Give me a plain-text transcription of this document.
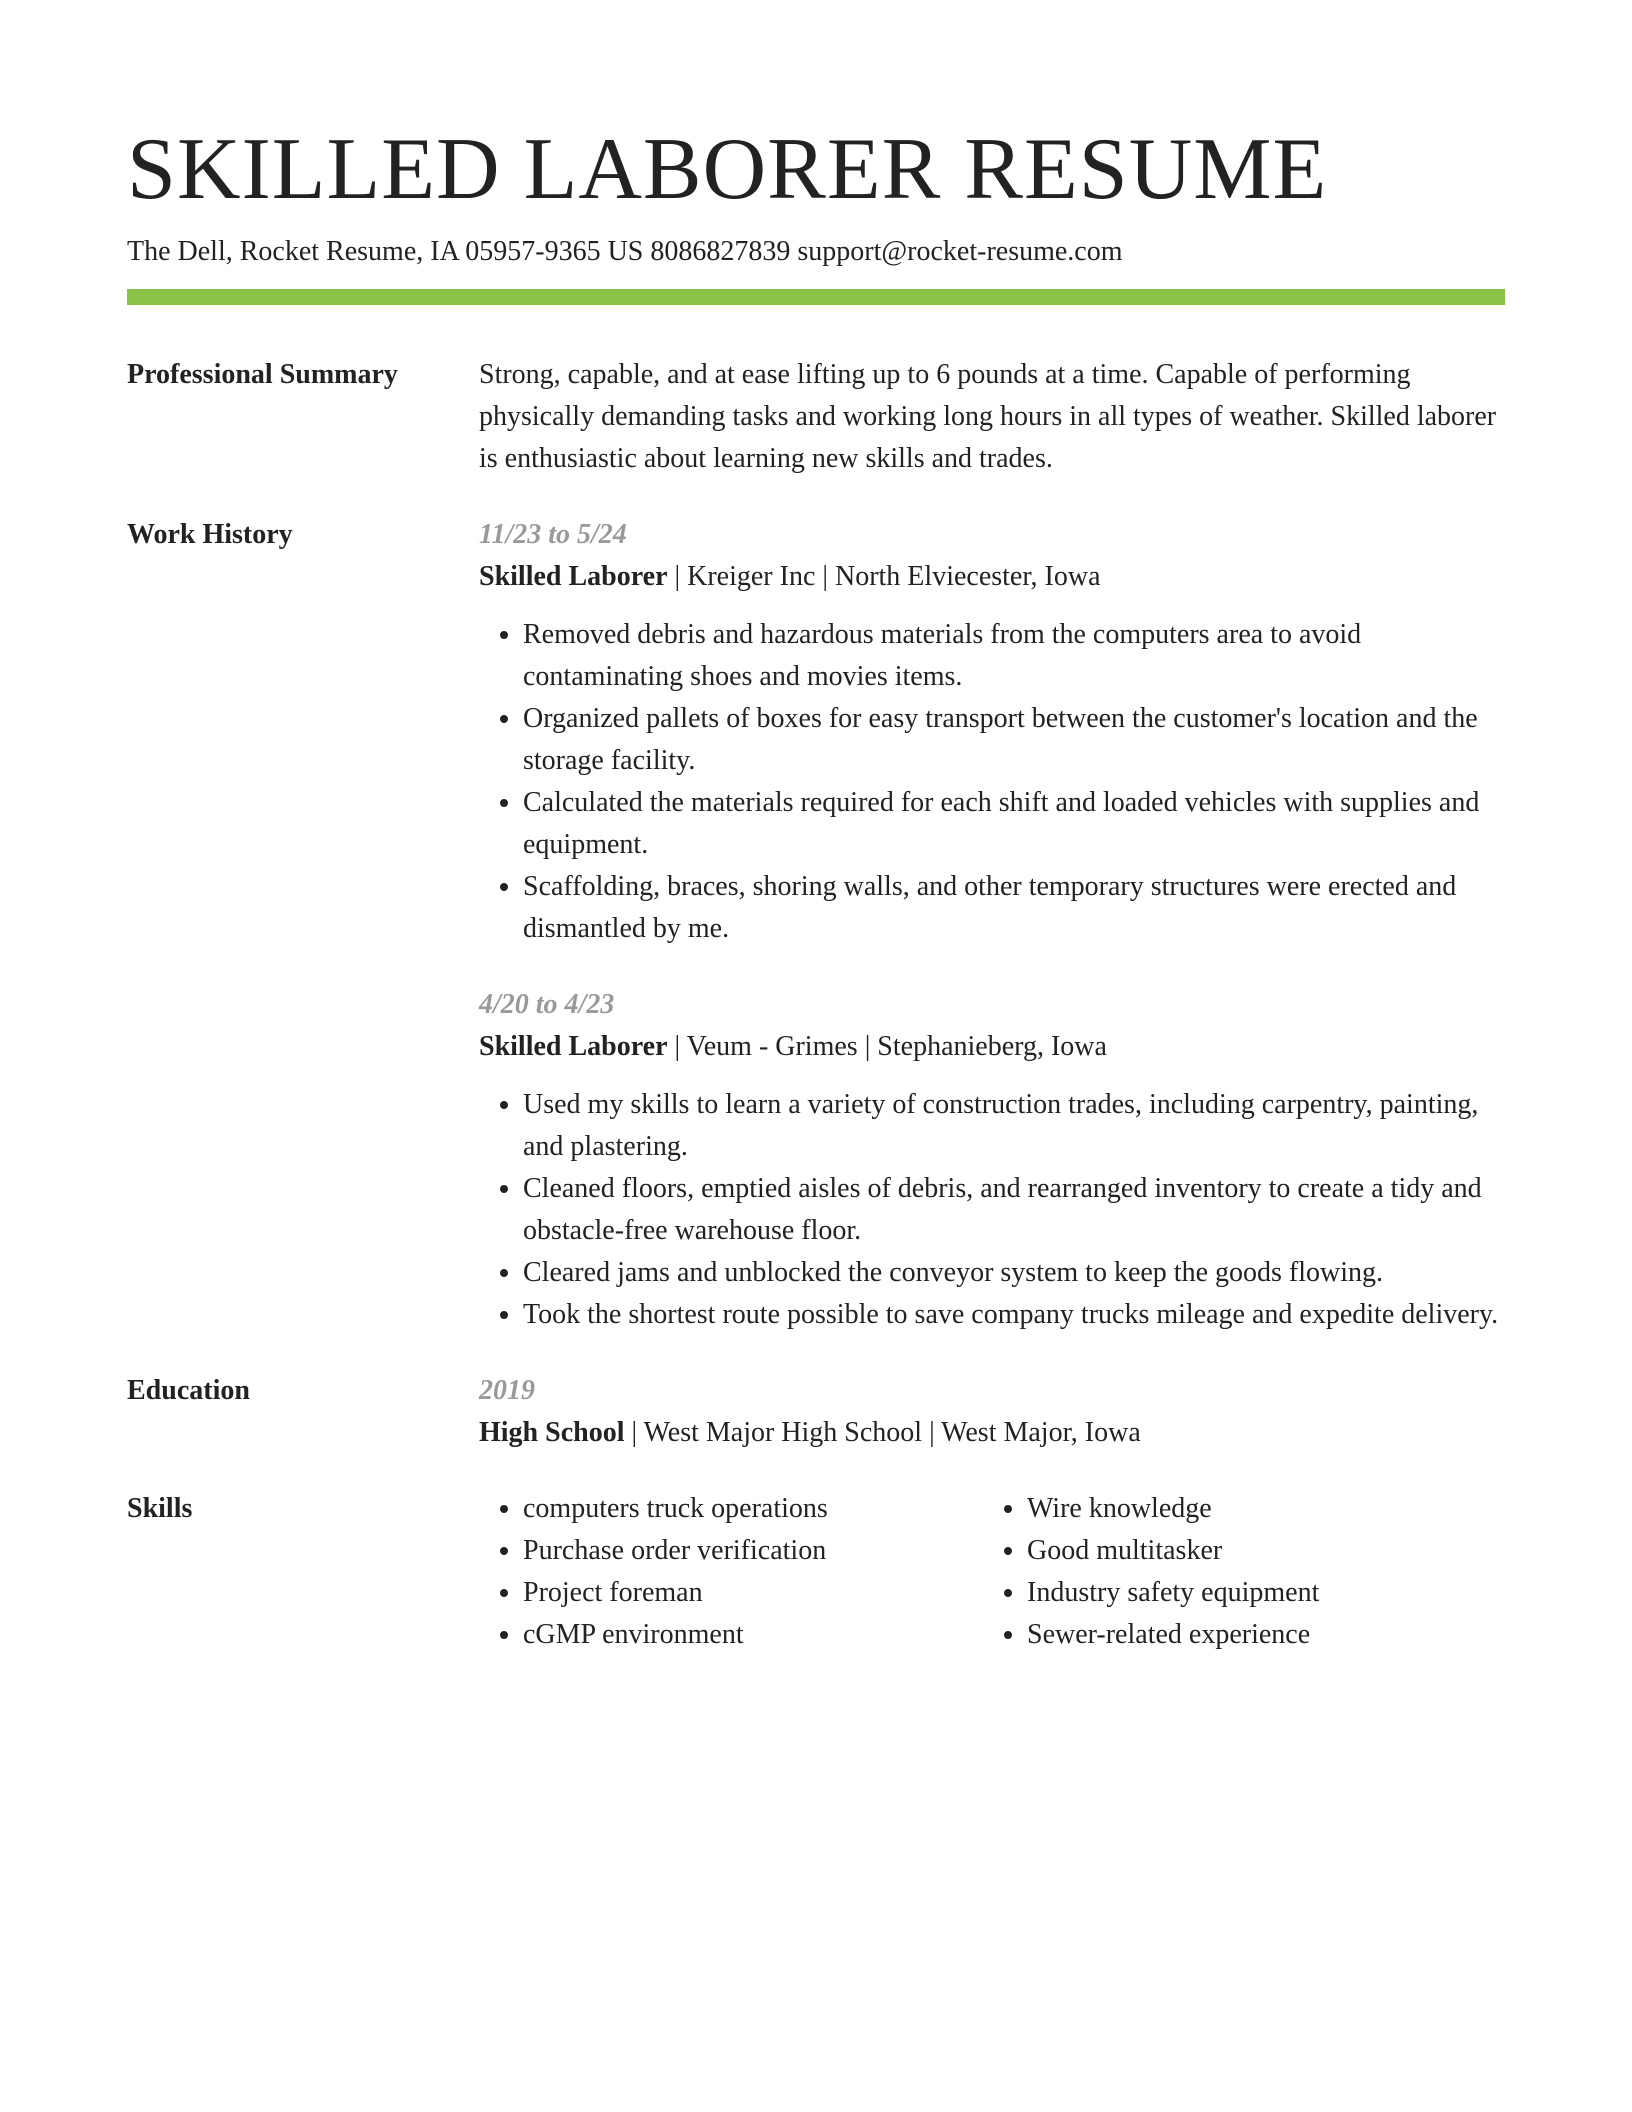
SKILLED LABORER RESUME
The Dell, Rocket Resume, IA 05957-9365 US 8086827839 support@rocket-resume.com
Professional Summary	Strong, capable, and at ease lifting up to 6 pounds at a time. Capable of performing physically demanding tasks and working long hours in all types of weather. Skilled laborer is enthusiastic about learning new skills and trades.

Work History	11/23 to 5/24
Skilled Laborer | Kreiger Inc | North Elviecester, Iowa
• Removed debris and hazardous materials from the computers area to avoid contaminating shoes and movies items.
• Organized pallets of boxes for easy transport between the customer's location and the storage facility.
• Calculated the materials required for each shift and loaded vehicles with supplies and equipment.
• Scaffolding, braces, shoring walls, and other temporary structures were erected and dismantled by me.
4/20 to 4/23
Skilled Laborer | Veum - Grimes | Stephanieberg, Iowa
• Used my skills to learn a variety of construction trades, including carpentry, painting, and plastering.
• Cleaned floors, emptied aisles of debris, and rearranged inventory to create a tidy and obstacle-free warehouse floor.
• Cleared jams and unblocked the conveyor system to keep the goods flowing.
• Took the shortest route possible to save company trucks mileage and expedite delivery.
Education	2019
High School | West Major High School | West Major, Iowa
Skills
•	computers truck operations
• Purchase order verification
• Project foreman
• cGMP environment
• Wire knowledge
• Good multitasker
• Industry safety equipment
• Sewer-related experience
